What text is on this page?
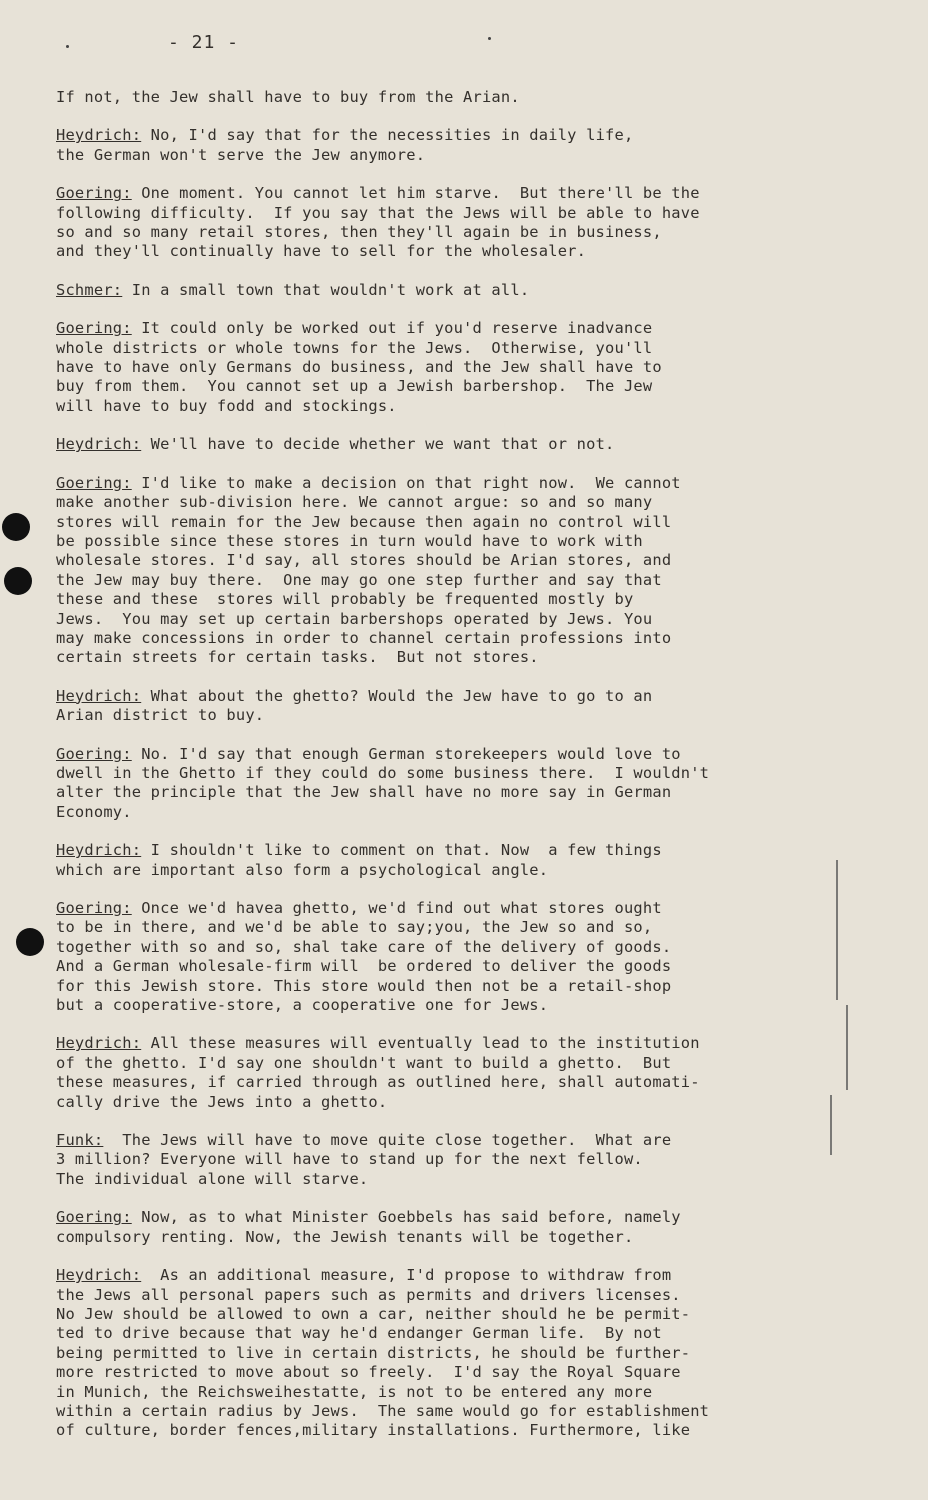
- 21 -
If not, the Jew shall have to buy from the Arian.
Heydrich: No, I'd say that for the necessities in daily life,
the German won't serve the Jew anymore.
Goering: One moment. You cannot let him starve.  But there'll be the
following difficulty.  If you say that the Jews will be able to have
so and so many retail stores, then they'll again be in business,
and they'll continually have to sell for the wholesaler.
Schmer: In a small town that wouldn't work at all.
Goering: It could only be worked out if you'd reserve inadvance
whole districts or whole towns for the Jews.  Otherwise, you'll
have to have only Germans do business, and the Jew shall have to
buy from them.  You cannot set up a Jewish barbershop.  The Jew
will have to buy fodd and stockings.
Heydrich: We'll have to decide whether we want that or not.
Goering: I'd like to make a decision on that right now.  We cannot
make another sub-division here. We cannot argue: so and so many
stores will remain for the Jew because then again no control will
be possible since these stores in turn would have to work with
wholesale stores. I'd say, all stores should be Arian stores, and
the Jew may buy there.  One may go one step further and say that
these and these  stores will probably be frequented mostly by
Jews.  You may set up certain barbershops operated by Jews. You
may make concessions in order to channel certain professions into
certain streets for certain tasks.  But not stores.
Heydrich: What about the ghetto? Would the Jew have to go to an
Arian district to buy.
Goering: No. I'd say that enough German storekeepers would love to
dwell in the Ghetto if they could do some business there.  I wouldn't
alter the principle that the Jew shall have no more say in German
Economy.
Heydrich: I shouldn't like to comment on that. Now  a few things
which are important also form a psychological angle.
Goering: Once we'd havea ghetto, we'd find out what stores ought
to be in there, and we'd be able to say;you, the Jew so and so,
together with so and so, shal take care of the delivery of goods.
And a German wholesale-firm will  be ordered to deliver the goods
for this Jewish store. This store would then not be a retail-shop
but a cooperative-store, a cooperative one for Jews.
Heydrich: All these measures will eventually lead to the institution
of the ghetto. I'd say one shouldn't want to build a ghetto.  But
these measures, if carried through as outlined here, shall automati-
cally drive the Jews into a ghetto.
Funk:  The Jews will have to move quite close together.  What are
3 million? Everyone will have to stand up for the next fellow.
The individual alone will starve.
Goering: Now, as to what Minister Goebbels has said before, namely
compulsory renting. Now, the Jewish tenants will be together.
Heydrich:  As an additional measure, I'd propose to withdraw from
the Jews all personal papers such as permits and drivers licenses.
No Jew should be allowed to own a car, neither should he be permit-
ted to drive because that way he'd endanger German life.  By not
being permitted to live in certain districts, he should be further-
more restricted to move about so freely.  I'd say the Royal Square
in Munich, the Reichsweihestatte, is not to be entered any more
within a certain radius by Jews.  The same would go for establishment
of culture, border fences,military installations. Furthermore, like
